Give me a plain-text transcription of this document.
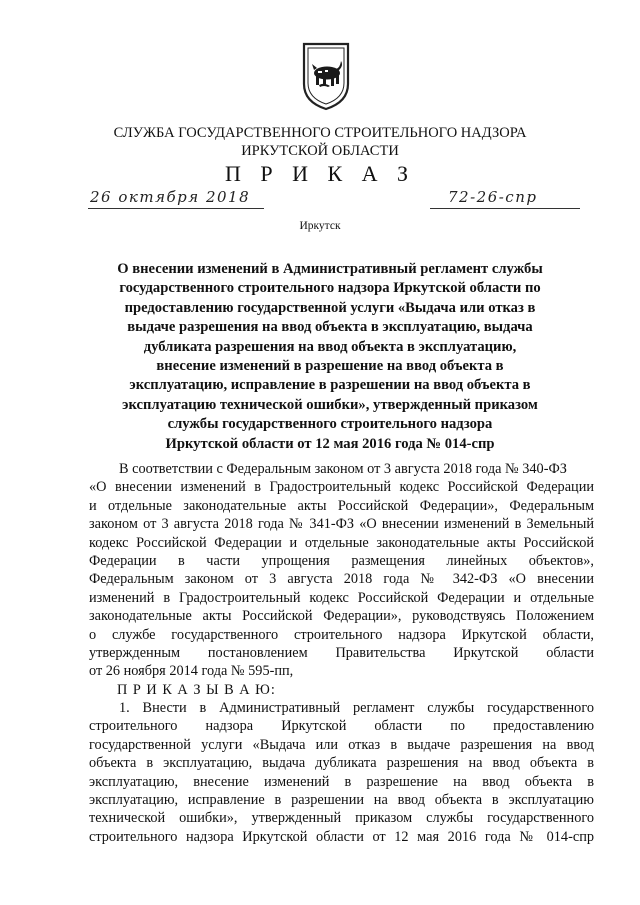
СЛУЖБА ГОСУДАРСТВЕННОГО СТРОИТЕЛЬНОГО НАДЗОРА
ИРКУТСКОЙ ОБЛАСТИ
П Р И К А З
26 октября 2018	72-26-спр
Иркутск
О внесении изменений в Административный регламент службы
государственного строительного надзора Иркутской области по
предоставлению государственной услуги «Выдача или отказ в
выдаче разрешения на ввод объекта в эксплуатацию, выдача
дубликата разрешения на ввод объекта в эксплуатацию,
внесение изменений в разрешение на ввод объекта в
эксплуатацию, исправление в разрешении на ввод объекта в
эксплуатацию технической ошибки», утвержденный приказом
службы государственного строительного надзора
Иркутской области от 12 мая 2016 года № 014-спр
В соответствии с Федеральным законом от 3 августа 2018 года № 340-ФЗ
«О внесении изменений в Градостроительный кодекс Российской Федерации
и отдельные законодательные акты Российской Федерации», Федеральным
законом от 3 августа 2018 года № 341-ФЗ «О внесении изменений в Земельный
кодекс Российской Федерации и отдельные законодательные акты Российской
Федерации в части упрощения размещения линейных объектов»,
Федеральным законом от 3 августа 2018 года № 342-ФЗ «О внесении
изменений в Градостроительный кодекс Российской Федерации и отдельные
законодательные акты Российской Федерации», руководствуясь Положением
о службе государственного строительного надзора Иркутской области,
утвержденным постановлением Правительства Иркутской области
от 26 ноября 2014 года № 595-пп,
П Р И К А З Ы В А Ю:
1. Внести в Административный регламент службы государственного
строительного надзора Иркутской области по предоставлению
государственной услуги «Выдача или отказ в выдаче разрешения на ввод
объекта в эксплуатацию, выдача дубликата разрешения на ввод объекта в
эксплуатацию, внесение изменений в разрешение на ввод объекта в
эксплуатацию, исправление в разрешении на ввод объекта в эксплуатацию
технической ошибки», утвержденный приказом службы государственного
строительного надзора Иркутской области от 12 мая 2016 года № 014-спр
